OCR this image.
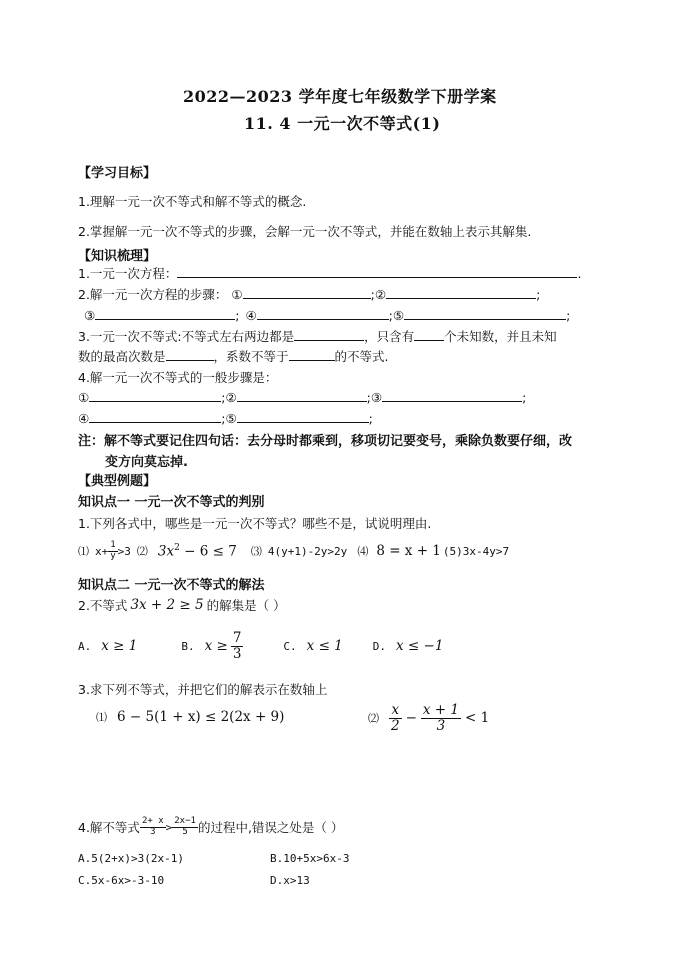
2022—2023 学年度七年级数学下册学案
11. 4 一元一次不等式(1)
【学习目标】
1.理解一元一次不等式和解不等式的概念.
2.掌握解一元一次不等式的步骤，会解一元一次不等式，并能在数轴上表示其解集.
【知识梳理】
1.一元一次方程：	.
2.解一元一次方程的步骤： ①	;②	;
③	; ④	;⑤	;
3.一元一次不等式:不等式左右两边都是	，只含有 个未知数，并且未知
数的最高次数是	，系数不等于	的不等式.
4.解一元一次不等式的一般步骤是：
①	;②	;③	;
④	;⑤	;
注：解不等式要记住四句话：去分母时都乘到，移项切记要变号，乘除负数要仔细，改
变方向莫忘掉.
【典型例题】
知识点一 一元一次不等式的判别
1.下列各式中，哪些是一元一次不等式？哪些不是，试说明理由.
⑴ $x+ \frac{1}{y} >3$ ⑵ $3x^2 - 6 \le 7$ ⑶ 4(y+1)-2y>2y ⑷ 8 = x + 1 (5) 3x-4y>7
知识点二 一元一次不等式的解法
2.不等式 3x + 2 ≥ 5 的解集是（ ）
A. x ≥ 1	B. $x \ge \frac{7}{3}$	C. x ≤ 1	D. x ≤ −1
3.求下列不等式，并把它们的解表示在数轴上
⑴ 6 − 5(1 + x) ≤ 2(2x + 9)	⑵ $\frac{x}{2} - \frac{x + 1}{3} < 1$
4.解不等式 $\frac{2+ x}{3} > \frac{2x-1}{5}$ 的过程中,错误之处是（ ）
A.5(2+x)>3(2x-1)	B.10+5x>6x-3
C.5x-6x>-3-10	D.x>13
